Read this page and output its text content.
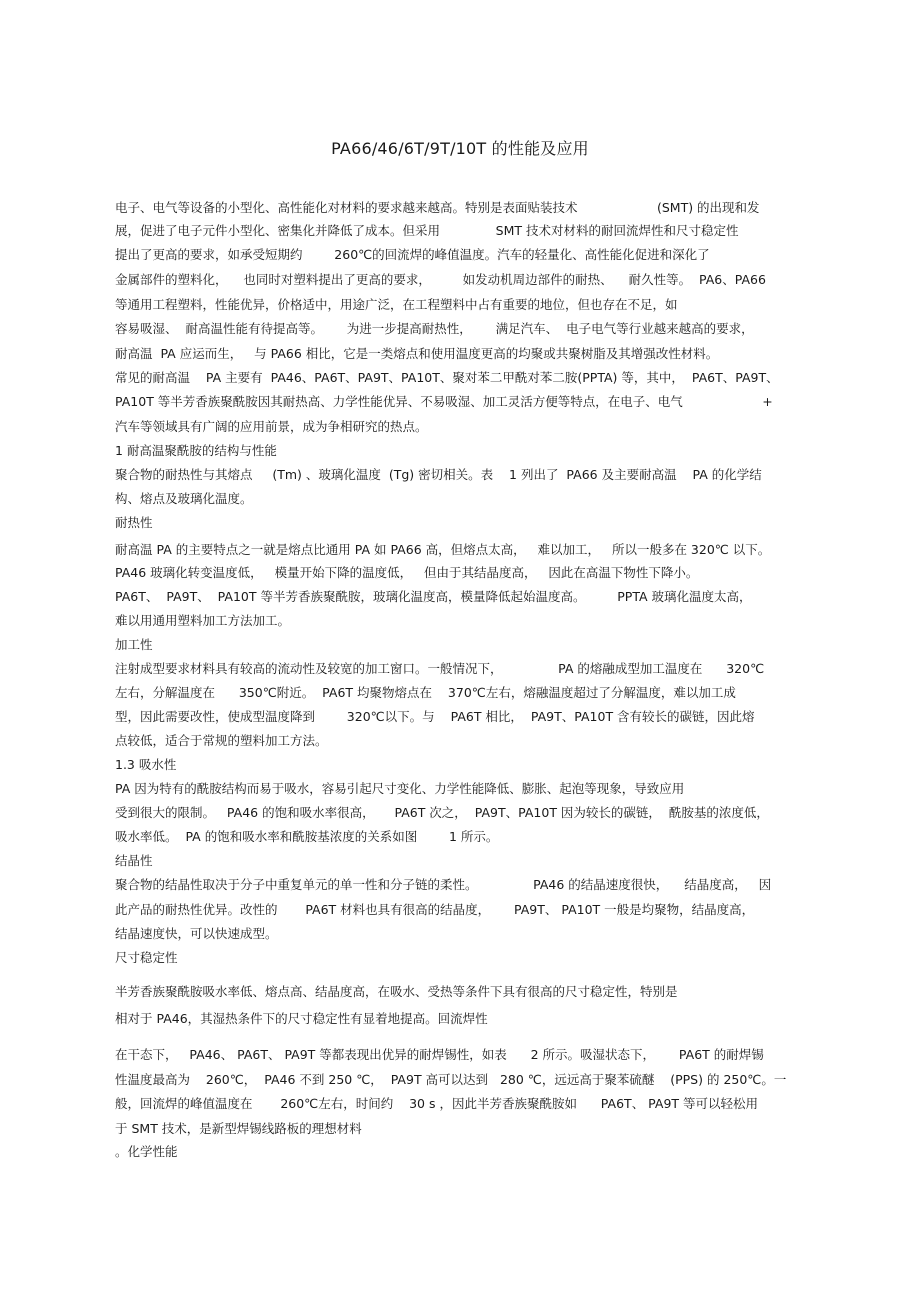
PA66/46/6T/9T/10T 的性能及应用

电子、电气等设备的小型化、高性能化对材料的要求越来越高。特别是表面贴装技术                    (SMT) 的出现和发

展，促进了电子元件小型化、密集化并降低了成本。但采用              SMT 技术对材料的耐回流焊性和尺寸稳定性

提出了更高的要求，如承受短期约        260℃的回流焊的峰值温度。汽车的轻量化、高性能化促进和深化了

金属部件的塑料化，    也同时对塑料提出了更高的要求，        如发动机周边部件的耐热、    耐久性等。  PA6、PA66

等通用工程塑料，性能优异，价格适中，用途广泛，在工程塑料中占有重要的地位，但也存在不足，如

容易吸湿、  耐高温性能有待提高等。      为进一步提高耐热性，      满足汽车、  电子电气等行业越来越高的要求，

耐高温  PA 应运而生，   与 PA66 相比，它是一类熔点和使用温度更高的均聚或共聚树脂及其增强改性材料。

常见的耐高温    PA 主要有  PA46、PA6T、PA9T、PA10T、聚对苯二甲酰对苯二胺(PPTA) 等，其中，  PA6T、PA9T、

PA10T 等半芳香族聚酰胺因其耐热高、力学性能优异、不易吸湿、加工灵活方便等特点，在电子、电气                    +

汽车等领域具有广阔的应用前景，成为争相研究的热点。

1 耐高温聚酰胺的结构与性能

聚合物的耐热性与其熔点     (Tm) 、玻璃化温度  (Tg) 密切相关。表    1 列出了  PA66 及主要耐高温    PA 的化学结

构、熔点及玻璃化温度。

耐热性

耐高温 PA 的主要特点之一就是熔点比通用 PA 如 PA66 高，但熔点太高，   难以加工，   所以一般多在 320℃ 以下。

PA46 玻璃化转变温度低，   模量开始下降的温度低，   但由于其结晶度高，   因此在高温下物性下降小。

PA6T、  PA9T、  PA10T 等半芳香族聚酰胺，玻璃化温度高，模量降低起始温度高。        PPTA 玻璃化温度太高，

难以用通用塑料加工方法加工。

加工性

注射成型要求材料具有较高的流动性及较宽的加工窗口。一般情况下，              PA 的熔融成型加工温度在      320℃

左右，分解温度在      350℃附近。  PA6T 均聚物熔点在    370℃左右，熔融温度超过了分解温度，难以加工成

型，因此需要改性，使成型温度降到        320℃以下。与    PA6T 相比，  PA9T、PA10T 含有较长的碳链，因此熔

点较低，适合于常规的塑料加工方法。

1.3 吸水性

PA 因为特有的酰胺结构而易于吸水，容易引起尺寸变化、力学性能降低、膨胀、起泡等现象，导致应用

受到很大的限制。   PA46 的饱和吸水率很高，     PA6T 次之，  PA9T、PA10T 因为较长的碳链，  酰胺基的浓度低，

吸水率低。  PA 的饱和吸水率和酰胺基浓度的关系如图        1 所示。

结晶性

聚合物的结晶性取决于分子中重复单元的单一性和分子链的柔性。              PA46 的结晶速度很快，    结晶度高，   因

此产品的耐热性优异。改性的       PA6T 材料也具有很高的结晶度，      PA9T、 PA10T 一般是均聚物，结晶度高，

结晶速度快，可以快速成型。

尺寸稳定性

半芳香族聚酰胺吸水率低、熔点高、结晶度高，在吸水、受热等条件下具有很高的尺寸稳定性，特别是

相对于 PA46，其湿热条件下的尺寸稳定性有显着地提高。回流焊性

在干态下，   PA46、 PA6T、 PA9T 等都表现出优异的耐焊锡性，如表      2 所示。吸湿状态下，      PA6T 的耐焊锡

性温度最高为    260℃，  PA46 不到 250 ℃，  PA9T 高可以达到   280 ℃，远远高于聚苯硫醚    (PPS) 的 250℃。一

般，回流焊的峰值温度在       260℃左右，时间约    30 s ，因此半芳香族聚酰胺如      PA6T、 PA9T 等可以轻松用

于 SMT 技术，是新型焊锡线路板的理想材料

。化学性能
